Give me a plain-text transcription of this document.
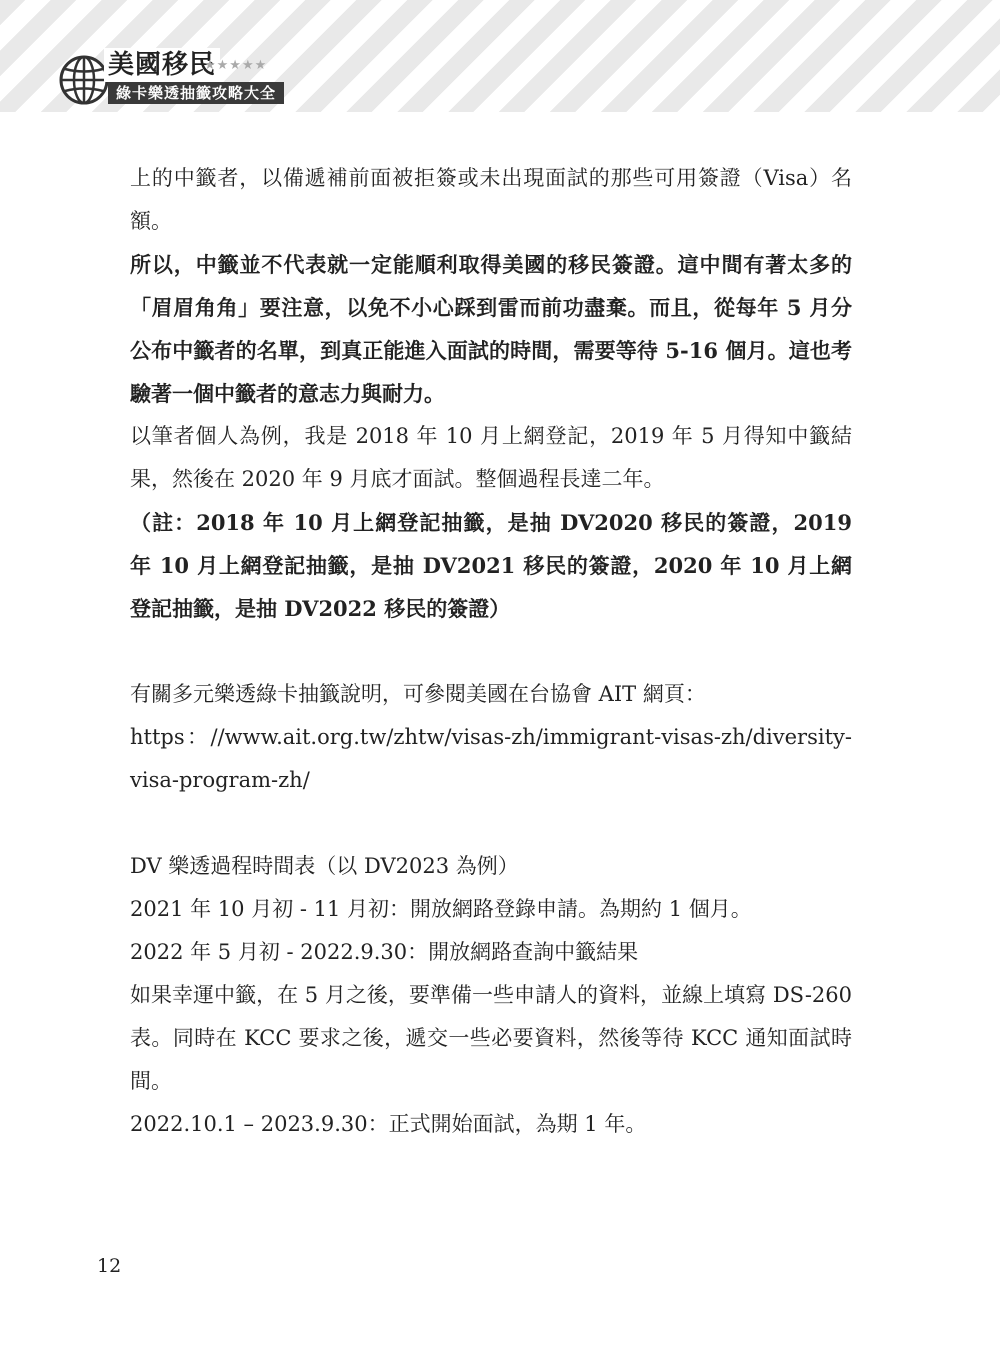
美國移民
★★★★★
綠卡樂透抽籤攻略大全

上的中籤者，以備遞補前面被拒簽或未出現面試的那些可用簽證（Visa）名額。

所以，中籤並不代表就一定能順利取得美國的移民簽證。這中間有著太多的「眉眉角角」要注意，以免不小心踩到雷而前功盡棄。而且，從每年 5 月分公布中籤者的名單，到真正能進入面試的時間，需要等待 5-16 個月。這也考驗著一個中籤者的意志力與耐力。

以筆者個人為例，我是 2018 年 10 月上網登記，2019 年 5 月得知中籤結果，然後在 2020 年 9 月底才面試。整個過程長達二年。

（註：2018 年 10 月上網登記抽籤，是抽 DV2020 移民的簽證，2019 年 10 月上網登記抽籤，是抽 DV2021 移民的簽證，2020 年 10 月上網登記抽籤，是抽 DV2022 移民的簽證）

有關多元樂透綠卡抽籤說明，可參閱美國在台協會 AIT 網頁：

https：//www.ait.org.tw/zhtw/visas-zh/immigrant-visas-zh/diversity-visa-program-zh/

DV 樂透過程時間表（以 DV2023 為例）

2021 年 10 月初 - 11 月初：開放網路登錄申請。為期約 1 個月。

2022 年 5 月初 - 2022.9.30：開放網路查詢中籤結果

如果幸運中籤，在 5 月之後，要準備一些申請人的資料，並線上填寫 DS-260 表。同時在 KCC 要求之後，遞交一些必要資料，然後等待 KCC 通知面試時間。

2022.10.1 – 2023.9.30：正式開始面試，為期 1 年。

12
